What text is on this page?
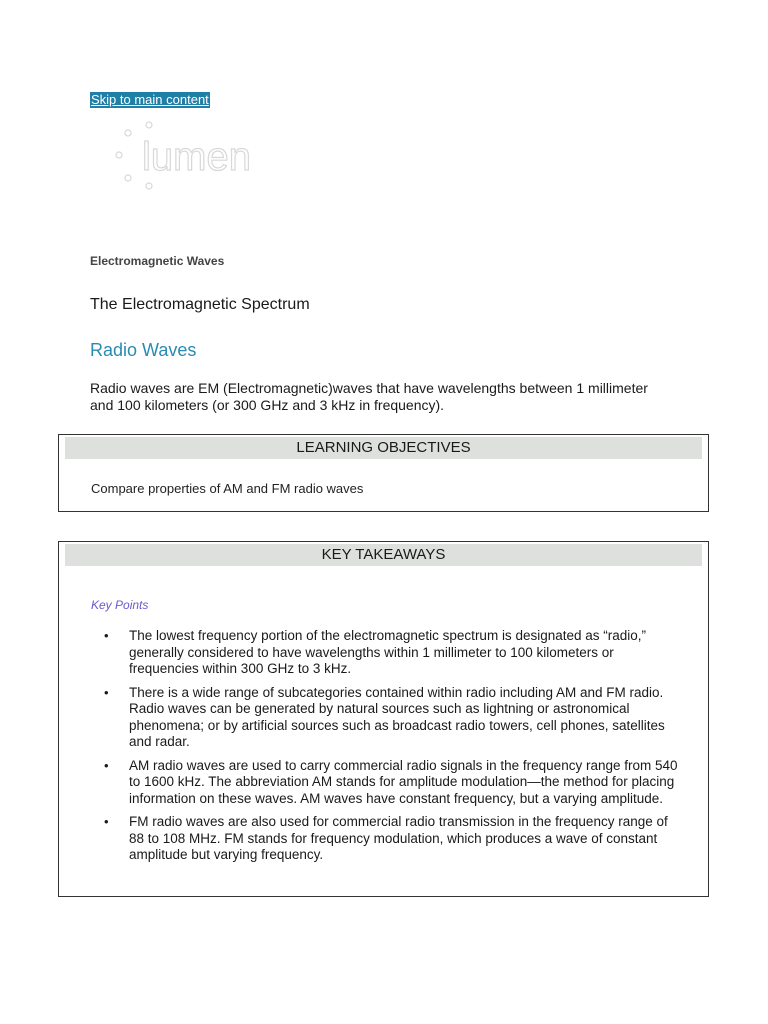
Skip to main content
lumen
Electromagnetic Waves
The Electromagnetic Spectrum
Radio Waves

Radio waves are EM (Electromagnetic)waves that have wavelengths between 1 millimeter and 100 kilometers (or 300 GHz and 3 kHz in frequency).

LEARNING OBJECTIVES
Compare properties of AM and FM radio waves
KEY TAKEAWAYS
Key Points
• The lowest frequency portion of the electromagnetic spectrum is designated as “radio,” generally considered to have wavelengths within 1 millimeter to 100 kilometers or frequencies within 300 GHz to 3 kHz.
• There is a wide range of subcategories contained within radio including AM and FM radio. Radio waves can be generated by natural sources such as lightning or astronomical phenomena; or by artificial sources such as broadcast radio towers, cell phones, satellites and radar.
• AM radio waves are used to carry commercial radio signals in the frequency range from 540 to 1600 kHz. The abbreviation AM stands for amplitude modulation—the method for placing information on these waves. AM waves have constant frequency, but a varying amplitude.
• FM radio waves are also used for commercial radio transmission in the frequency range of 88 to 108 MHz. FM stands for frequency modulation, which produces a wave of constant amplitude but varying frequency.
